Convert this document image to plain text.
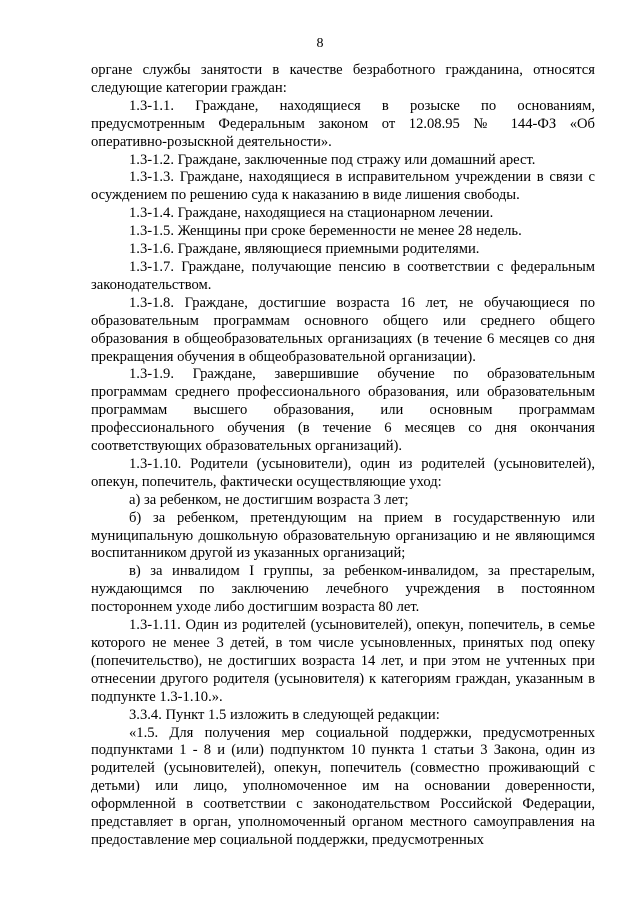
8

органе службы занятости в качестве безработного гражданина, относятся следующие категории граждан:

1.3-1.1. Граждане, находящиеся в розыске по основаниям, предусмотренным Федеральным законом от 12.08.95 № 144-ФЗ «Об оперативно-розыскной деятельности».

1.3-1.2. Граждане, заключенные под стражу или домашний арест.

1.3-1.3. Граждане, находящиеся в исправительном учреждении в связи с осуждением по решению суда к наказанию в виде лишения свободы.

1.3-1.4. Граждане, находящиеся на стационарном лечении.

1.3-1.5. Женщины при сроке беременности не менее 28 недель.

1.3-1.6. Граждане, являющиеся приемными родителями.

1.3-1.7. Граждане, получающие пенсию в соответствии с федеральным законодательством.

1.3-1.8. Граждане, достигшие возраста 16 лет, не обучающиеся по образовательным программам основного общего или среднего общего образования в общеобразовательных организациях (в течение 6 месяцев со дня прекращения обучения в общеобразовательной организации).

1.3-1.9. Граждане, завершившие обучение по образовательным программам среднего профессионального образования, или образовательным программам высшего образования, или основным программам профессионального обучения (в течение 6 месяцев со дня окончания соответствующих образовательных организаций).

1.3-1.10. Родители (усыновители), один из родителей (усыновителей), опекун, попечитель, фактически осуществляющие уход:

а) за ребенком, не достигшим возраста 3 лет;

б) за ребенком, претендующим на прием в государственную или муниципальную дошкольную образовательную организацию и не являющимся воспитанником другой из указанных организаций;

в) за инвалидом I группы, за ребенком-инвалидом, за престарелым, нуждающимся по заключению лечебного учреждения в постоянном постороннем уходе либо достигшим возраста 80 лет.

1.3-1.11. Один из родителей (усыновителей), опекун, попечитель, в семье которого не менее 3 детей, в том числе усыновленных, принятых под опеку (попечительство), не достигших возраста 14 лет, и при этом не учтенных при отнесении другого родителя (усыновителя) к категориям граждан, указанным в подпункте 1.3-1.10.».

3.3.4. Пункт 1.5 изложить в следующей редакции:

«1.5. Для получения мер социальной поддержки, предусмотренных подпунктами 1 - 8 и (или) подпунктом 10 пункта 1 статьи 3 Закона, один из родителей (усыновителей), опекун, попечитель (совместно проживающий с детьми) или лицо, уполномоченное им на основании доверенности, оформленной в соответствии с законодательством Российской Федерации, представляет в орган, уполномоченный органом местного самоуправления на предоставление мер социальной поддержки, предусмотренных
